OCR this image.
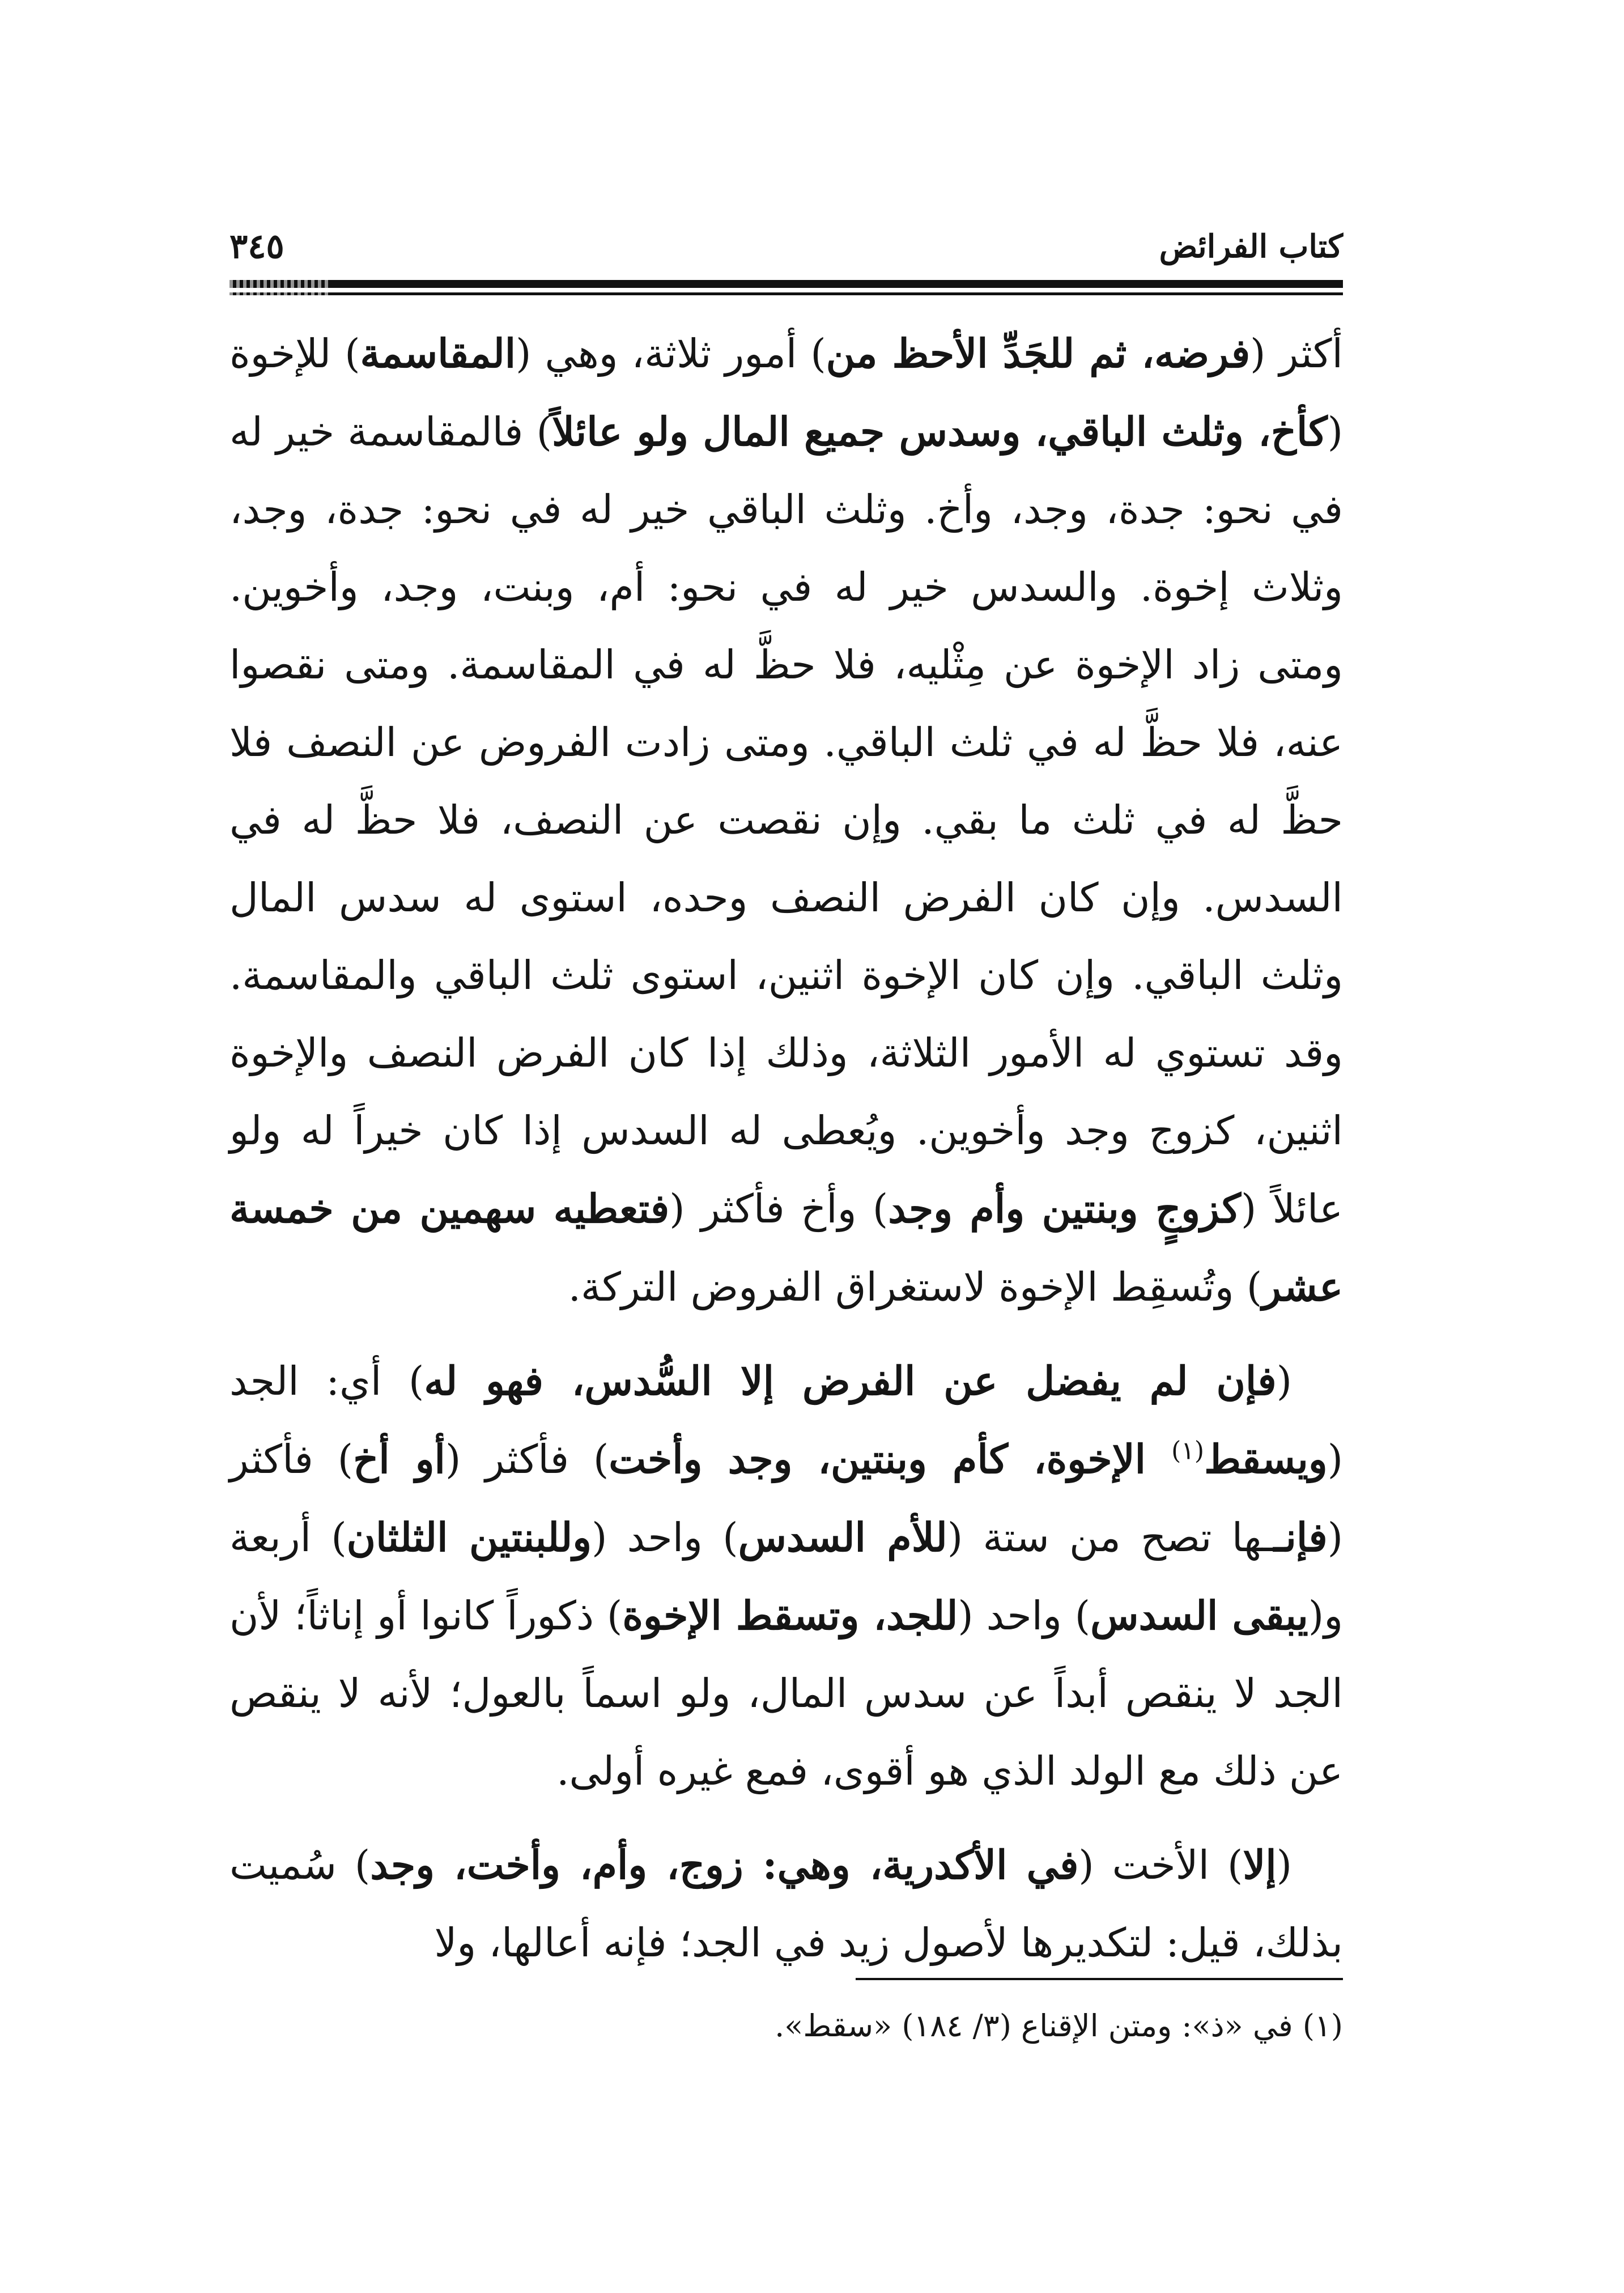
كتاب الفرائض
٣٤٥

أكثر (فرضه، ثم للجَدِّ الأحظ من) أمور ثلاثة، وهي (المقاسمة) للإخوة (كأخ، وثلث الباقي، وسدس جميع المال ولو عائلاً) فالمقاسمة خير له في نحو: جدة، وجد، وأخ. وثلث الباقي خير له في نحو: جدة، وجد، وثلاث إخوة. والسدس خير له في نحو: أم، وبنت، وجد، وأخوين. ومتى زاد الإخوة عن مِثْليه، فلا حظَّ له في المقاسمة. ومتى نقصوا عنه، فلا حظَّ له في ثلث الباقي. ومتى زادت الفروض عن النصف فلا حظَّ له في ثلث ما بقي. وإن نقصت عن النصف، فلا حظَّ له في السدس. وإن كان الفرض النصف وحده، استوى له سدس المال وثلث الباقي. وإن كان الإخوة اثنين، استوى ثلث الباقي والمقاسمة. وقد تستوي له الأمور الثلاثة، وذلك إذا كان الفرض النصف والإخوة اثنين، كزوج وجد وأخوين. ويُعطى له السدس إذا كان خيراً له ولو عائلاً (كزوجٍ وبنتين وأم وجد) وأخ فأكثر (فتعطيه سهمين من خمسة عشر) وتُسقِط الإخوة لاستغراق الفروض التركة.

(فإن لم يفضل عن الفرض إلا السُّدس، فهو له) أي: الجد (ويسقط$^{(١)}$ الإخوة، كأم وبنتين، وجد وأخت) فأكثر (أو أخ) فأكثر (فإنــها تصح من ستة (للأم السدس) واحد (وللبنتين الثلثان) أربعة و(يبقى السدس) واحد (للجد، وتسقط الإخوة) ذكوراً كانوا أو إناثاً؛ لأن الجد لا ينقص أبداً عن سدس المال، ولو اسماً بالعول؛ لأنه لا ينقص عن ذلك مع الولد الذي هو أقوى، فمع غيره أولى.

(إلا) الأخت (في الأكدرية، وهي: زوج، وأم، وأخت، وجد) سُميت بذلك، قيل: لتكديرها لأصول زيد في الجد؛ فإنه أعالها، ولا

(١) في «ذ»: ومتن الإقناع (٣/ ١٨٤) «سقط».
